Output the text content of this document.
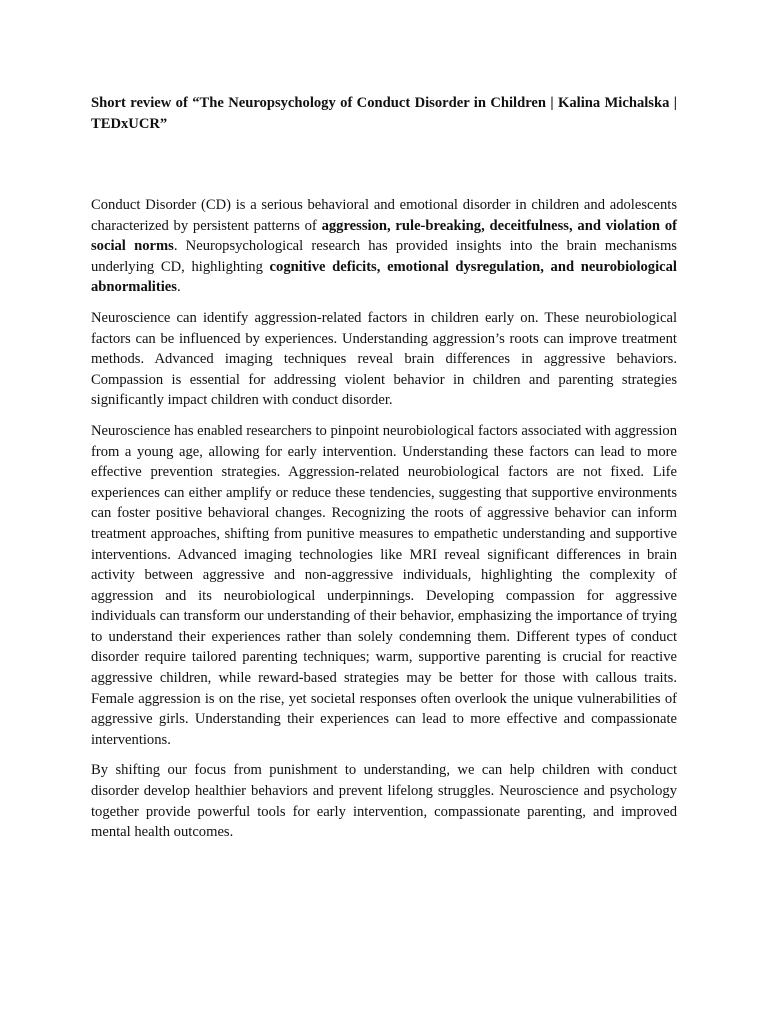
Short review of “The Neuropsychology of Conduct Disorder in Children | Kalina Michalska | TEDxUCR”

Conduct Disorder (CD) is a serious behavioral and emotional disorder in children and adolescents characterized by persistent patterns of aggression, rule-breaking, deceitfulness, and violation of social norms. Neuropsychological research has provided insights into the brain mechanisms underlying CD, highlighting cognitive deficits, emotional dysregulation, and neurobiological abnormalities.

Neuroscience can identify aggression-related factors in children early on. These neurobiological factors can be influenced by experiences. Understanding aggression’s roots can improve treatment methods. Advanced imaging techniques reveal brain differences in aggressive behaviors. Compassion is essential for addressing violent behavior in children and parenting strategies significantly impact children with conduct disorder.

Neuroscience has enabled researchers to pinpoint neurobiological factors associated with aggression from a young age, allowing for early intervention. Understanding these factors can lead to more effective prevention strategies. Aggression-related neurobiological factors are not fixed. Life experiences can either amplify or reduce these tendencies, suggesting that supportive environments can foster positive behavioral changes. Recognizing the roots of aggressive behavior can inform treatment approaches, shifting from punitive measures to empathetic understanding and supportive interventions. Advanced imaging technologies like MRI reveal significant differences in brain activity between aggressive and non-aggressive individuals, highlighting the complexity of aggression and its neurobiological underpinnings. Developing compassion for aggressive individuals can transform our understanding of their behavior, emphasizing the importance of trying to understand their experiences rather than solely condemning them. Different types of conduct disorder require tailored parenting techniques; warm, supportive parenting is crucial for reactive aggressive children, while reward-based strategies may be better for those with callous traits. Female aggression is on the rise, yet societal responses often overlook the unique vulnerabilities of aggressive girls. Understanding their experiences can lead to more effective and compassionate interventions.

By shifting our focus from punishment to understanding, we can help children with conduct disorder develop healthier behaviors and prevent lifelong struggles. Neuroscience and psychology together provide powerful tools for early intervention, compassionate parenting, and improved mental health outcomes.
